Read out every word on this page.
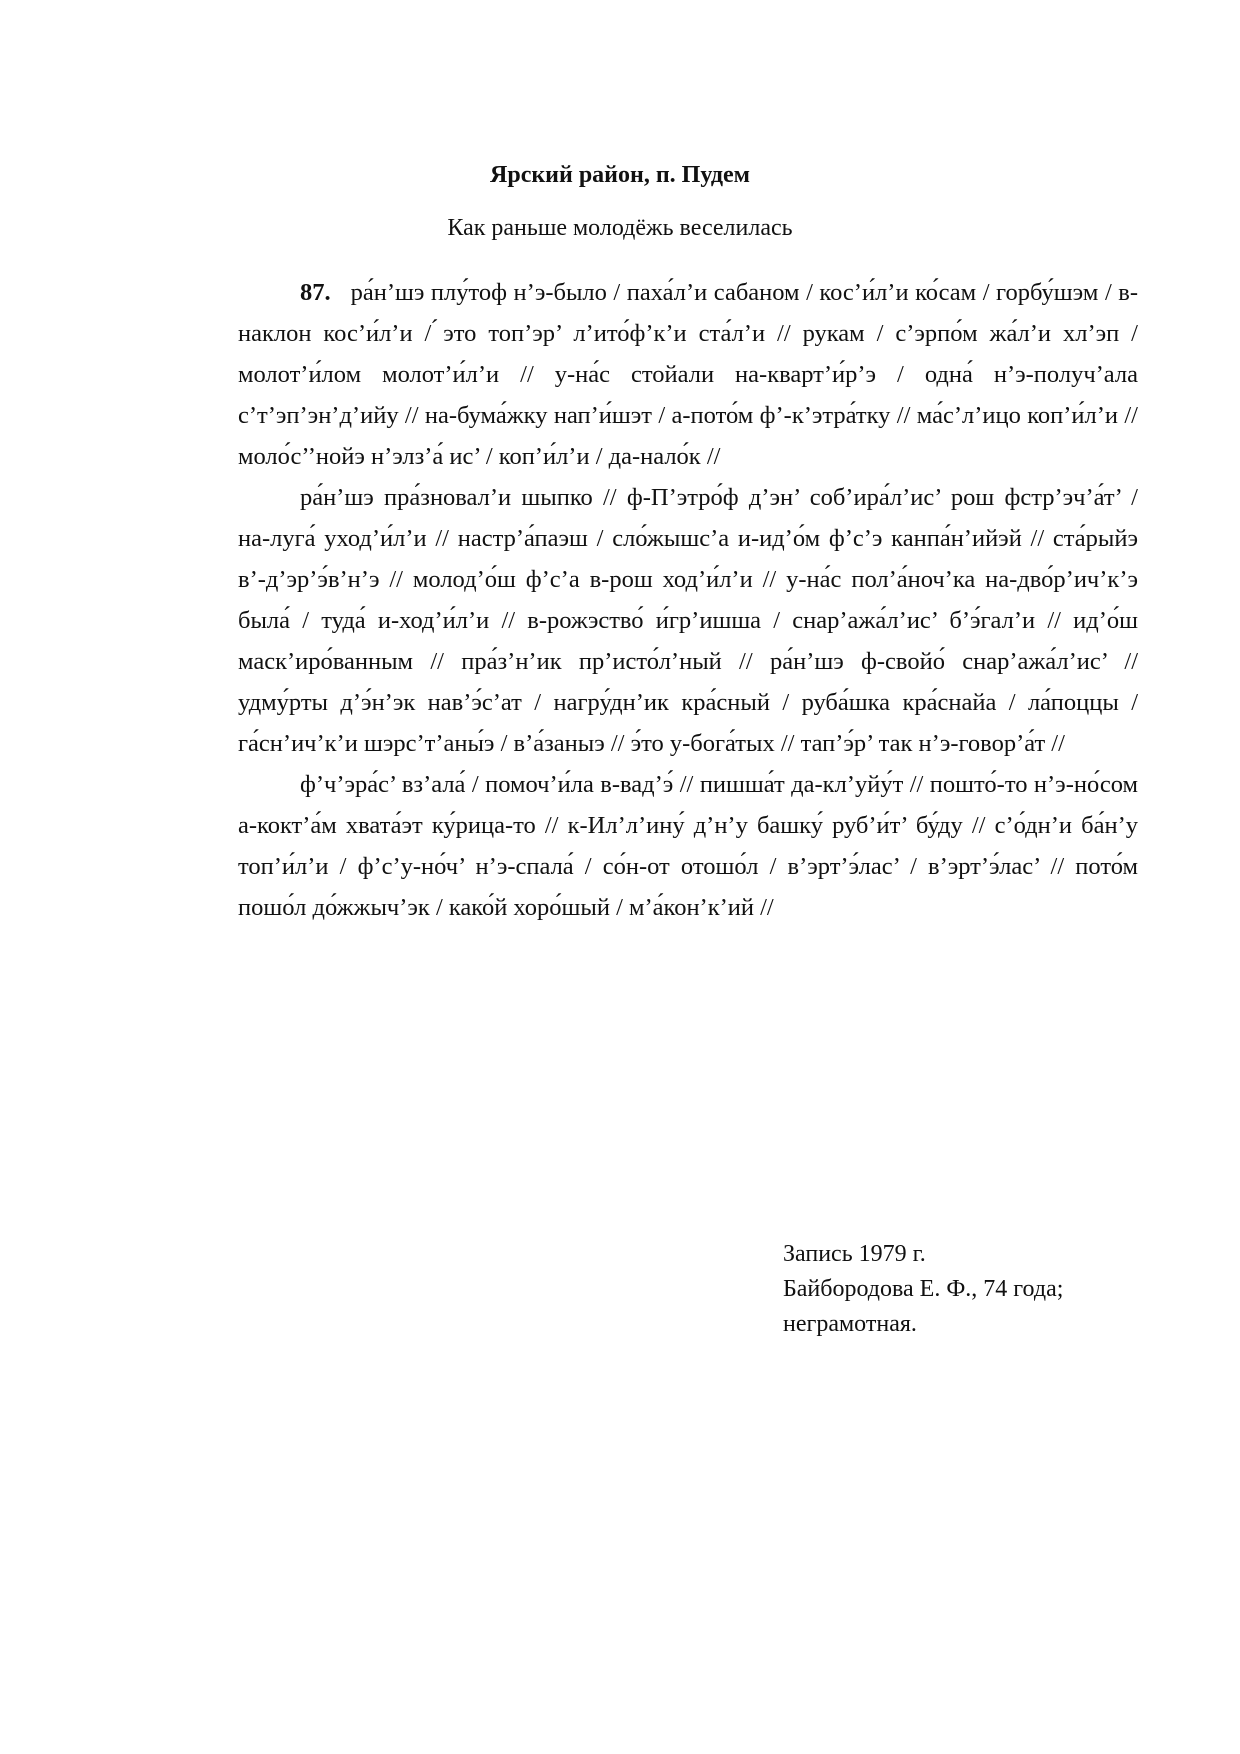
Ярский район, п. Пудем
Как раньше молодёжь веселилась

87. ра́н’шэ плу́тоф н’э-было / паха́л’и сабаном / кос’и́л’и ко́сам / горбу́шэм / в-наклон кос’и́л’и / ́это топ’эр’ л’ито́ф’к’и ста́л’и // рукам / с’эрпо́м жа́л’и хл’эп / молот’и́лом молот’и́л’и // у-на́с стойали на-кварт’и́р’э / одна́ н’э-получ’ала с’т’эп’эн’д’ийу // на-бума́жку нап’и́шэт / а-пото́м ф’-к’этра́тку // ма́с’л’ицо коп’и́л’и // моло́с’’нойэ н’элз’а́ ис’ / коп’и́л’и / да-нало́к //

ра́н’шэ пра́зновал’и шыпко // ф-П’этро́ф д’эн’ соб’ира́л’ис’ рош фстр’эч’а́т’ / на-луга́ уход’и́л’и // настр’а́паэш / сло́жышс’а и-ид’о́м ф’с’э канпа́н’ийэй // ста́рыйэ в’-д’эр’э́в’н’э // молод’о́ш ф’с’а в-рош ход’и́л’и // у-на́с пол’а́ноч’ка на-дво́р’ич’к’э была́ / туда́ и-ход’и́л’и // в-рожэство́ и́гр’ишша / снар’ажа́л’ис’ б’э́гал’и // ид’о́ш маск’иро́ванным // пра́з’н’ик пр’исто́л’ный // ра́н’шэ ф-свойо́ снар’ажа́л’ис’ // удму́рты д’э́н’эк нав’э́с’ат / нагру́дн’ик кра́сный / руба́шка кра́снайа / ла́поццы / га́сн’ич’к’и шэрс’т’аны́э / в’а́заныэ // э́то у-бога́тых // тап’э́р’ так н’э-говор’а́т //

ф’ч’эра́с’ вз’ала́ / помоч’и́ла в-вад’э́ // пишша́т да-кл’уйу́т // пошто́-то н’э-но́сом а-кокт’а́м хвата́эт ку́рица-то // к-Ил’л’ину́ д’н’у башку́ руб’и́т’ бу́ду // с’о́дн’и ба́н’у топ’и́л’и / ф’с’у-но́ч’ н’э-спала́ / со́н-от отошо́л / в’эрт’э́лас’ / в’эрт’э́лас’ // пото́м пошо́л до́жжыч’эк / како́й хоро́шый / м’а́кон’к’ий //

Запись 1979 г.
Байбородова Е. Ф., 74 года;
неграмотная.
